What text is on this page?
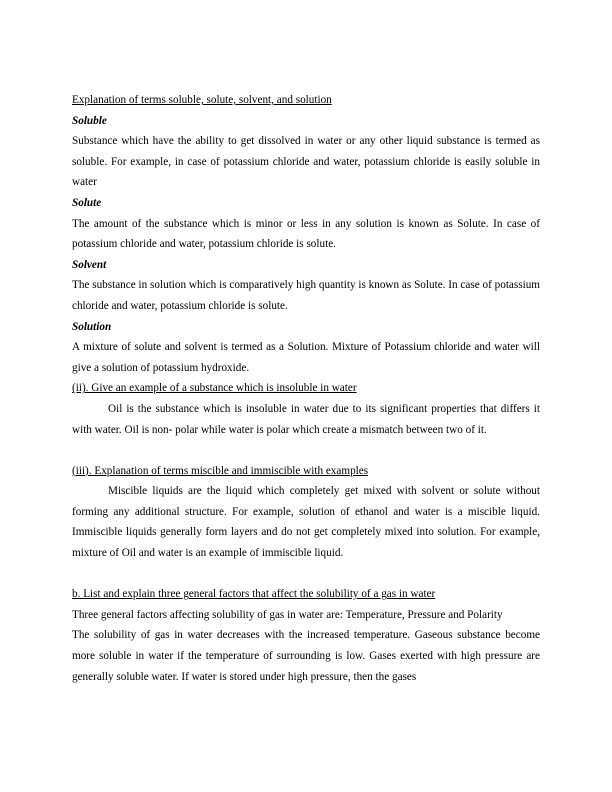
Explanation of terms soluble, solute, solvent, and solution

Soluble

Substance which have the ability to get dissolved in water or any other liquid substance is termed as soluble. For example, in case of potassium chloride and water, potassium chloride is easily soluble in water

Solute

The amount of the substance which is minor or less in any solution is known as Solute. In case of potassium chloride and water, potassium chloride is solute.

Solvent

The substance in solution which is comparatively high quantity is known as Solute. In case of potassium chloride and water, potassium chloride is solute.

Solution

A mixture of solute and solvent is termed as a Solution. Mixture of Potassium chloride and water will give a solution of potassium hydroxide.

(ii). Give an example of a substance which is insoluble in water

Oil is the substance which is insoluble in water due to its significant properties that differs it with water. Oil is non- polar while water is polar which create a mismatch between two of it.

(iii). Explanation of terms miscible and immiscible with examples

Miscible liquids are the liquid which completely get mixed with solvent or solute without forming any additional structure. For example, solution of ethanol and water is a miscible liquid. Immiscible liquids generally form layers and do not get completely mixed into solution. For example, mixture of Oil and water is an example of immiscible liquid.

b. List and explain three general factors that affect the solubility of a gas in water

Three general factors affecting solubility of gas in water are: Temperature, Pressure and Polarity

The solubility of gas in water decreases with the increased temperature. Gaseous substance become more soluble in water if the temperature of surrounding is low. Gases exerted with high pressure are generally soluble water. If water is stored under high pressure, then the gases
